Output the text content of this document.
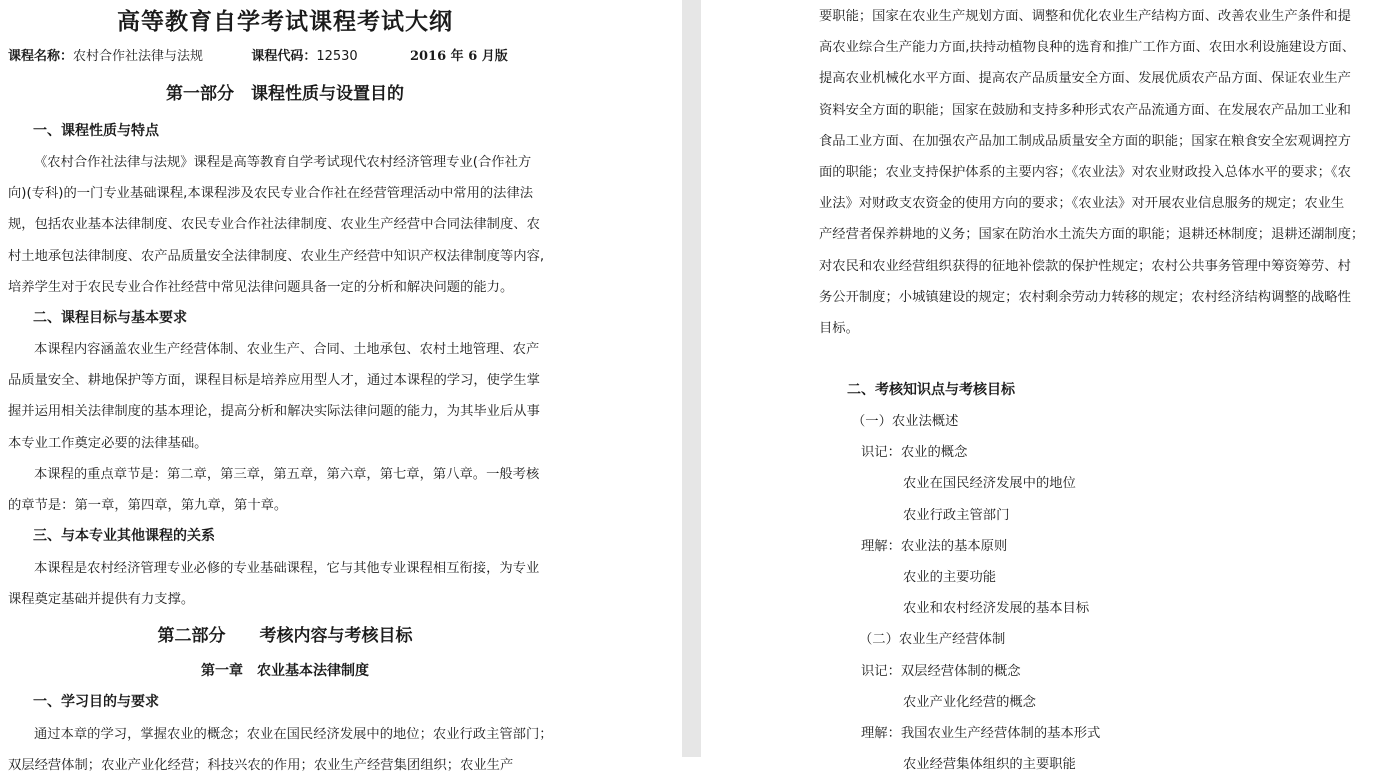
高等教育自学考试课程考试大纲
课程名称：农村合作社法律与法规	课程代码：12530	2016 年 6 月版
第一部分　课程性质与设置目的
一、课程性质与特点
《农村合作社法律与法规》课程是高等教育自学考试现代农村经济管理专业(合作社方
向)(专科)的一门专业基础课程,本课程涉及农民专业合作社在经营管理活动中常用的法律法
规，包括农业基本法律制度、农民专业合作社法律制度、农业生产经营中合同法律制度、农
村土地承包法律制度、农产品质量安全法律制度、农业生产经营中知识产权法律制度等内容,
培养学生对于农民专业合作社经营中常见法律问题具备一定的分析和解决问题的能力。
二、课程目标与基本要求
本课程内容涵盖农业生产经营体制、农业生产、合同、土地承包、农村土地管理、农产
品质量安全、耕地保护等方面，课程目标是培养应用型人才，通过本课程的学习，使学生掌
握并运用相关法律制度的基本理论，提高分析和解决实际法律问题的能力，为其毕业后从事
本专业工作奠定必要的法律基础。
本课程的重点章节是：第二章，第三章，第五章，第六章，第七章，第八章。一般考核
的章节是：第一章，第四章，第九章，第十章。
三、与本专业其他课程的关系
本课程是农村经济管理专业必修的专业基础课程，它与其他专业课程相互衔接，为专业
课程奠定基础并提供有力支撑。
第二部分　　考核内容与考核目标
第一章　农业基本法律制度
一、学习目的与要求
通过本章的学习，掌握农业的概念；农业在国民经济发展中的地位；农业行政主管部门；
双层经营体制；农业产业化经营；科技兴农的作用；农业生产经营集团组织；农业生产
要职能；国家在农业生产规划方面、调整和优化农业生产结构方面、改善农业生产条件和提
高农业综合生产能力方面,扶持动植物良种的选育和推广工作方面、农田水利设施建设方面、
提高农业机械化水平方面、提高农产品质量安全方面、发展优质农产品方面、保证农业生产
资料安全方面的职能；国家在鼓励和支持多种形式农产品流通方面、在发展农产品加工业和
食品工业方面、在加强农产品加工制成品质量安全方面的职能；国家在粮食安全宏观调控方
面的职能；农业支持保护体系的主要内容；《农业法》对农业财政投入总体水平的要求；《农
业法》对财政支农资金的使用方向的要求；《农业法》对开展农业信息服务的规定；农业生
产经营者保养耕地的义务；国家在防治水土流失方面的职能；退耕还林制度；退耕还湖制度；
对农民和农业经营组织获得的征地补偿款的保护性规定；农村公共事务管理中筹资筹劳、村
务公开制度；小城镇建设的规定；农村剩余劳动力转移的规定；农村经济结构调整的战略性
目标。
二、考核知识点与考核目标
（一）农业法概述
识记：农业的概念
农业在国民经济发展中的地位
农业行政主管部门
理解：农业法的基本原则
农业的主要功能
农业和农村经济发展的基本目标
（二）农业生产经营体制
识记：双层经营体制的概念
农业产业化经营的概念
理解：我国农业生产经营体制的基本形式
农业经营集体组织的主要职能
